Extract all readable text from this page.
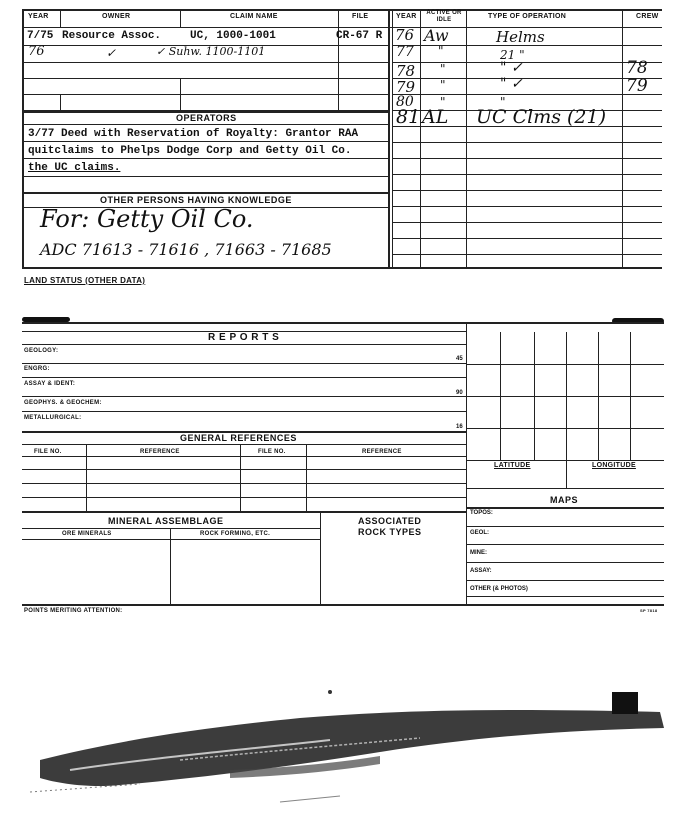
YEAR	OWNER	CLAIM NAME	FILE	YEAR	ACTIVE OR IDLE	TYPE OF OPERATION	CREW
7/75 Resource Assoc.	UC, 1000-1001	CR-67 R
76	✓	✓ Suhw. 1100-1101
76 Aw	Helms
77 "	21 "
78 "	" ✓	78
79 "	" ✓	79
80 "	"
81 AL UC Clms (21)
OPERATORS
3/77 Deed with Reservation of Royalty: Grantor RAA
quitclaims to Phelps Dodge Corp and Getty Oil Co.
the UC claims.
OTHER PERSONS HAVING KNOWLEDGE
For: Getty Oil Co.
ADC 71613 - 71616 , 71663 - 71685
LAND STATUS (OTHER DATA)
R E P O R T S
GEOLOGY:
45
ENGRG:
ASSAY & IDENT:
90
GEOPHYS. & GEOCHEM:
METALLURGICAL:
16
GENERAL REFERENCES
FILE NO.	REFERENCE	FILE NO.	REFERENCE
MINERAL ASSEMBLAGE
ORE MINERALS	ROCK FORMING, ETC.
ASSOCIATED
ROCK TYPES
LATITUDE	LONGITUDE
MAPS
TOPOS:
GEOL:
MINE:
ASSAY:
OTHER (& PHOTOS)
POINTS MERITING ATTENTION:	SP 7818
